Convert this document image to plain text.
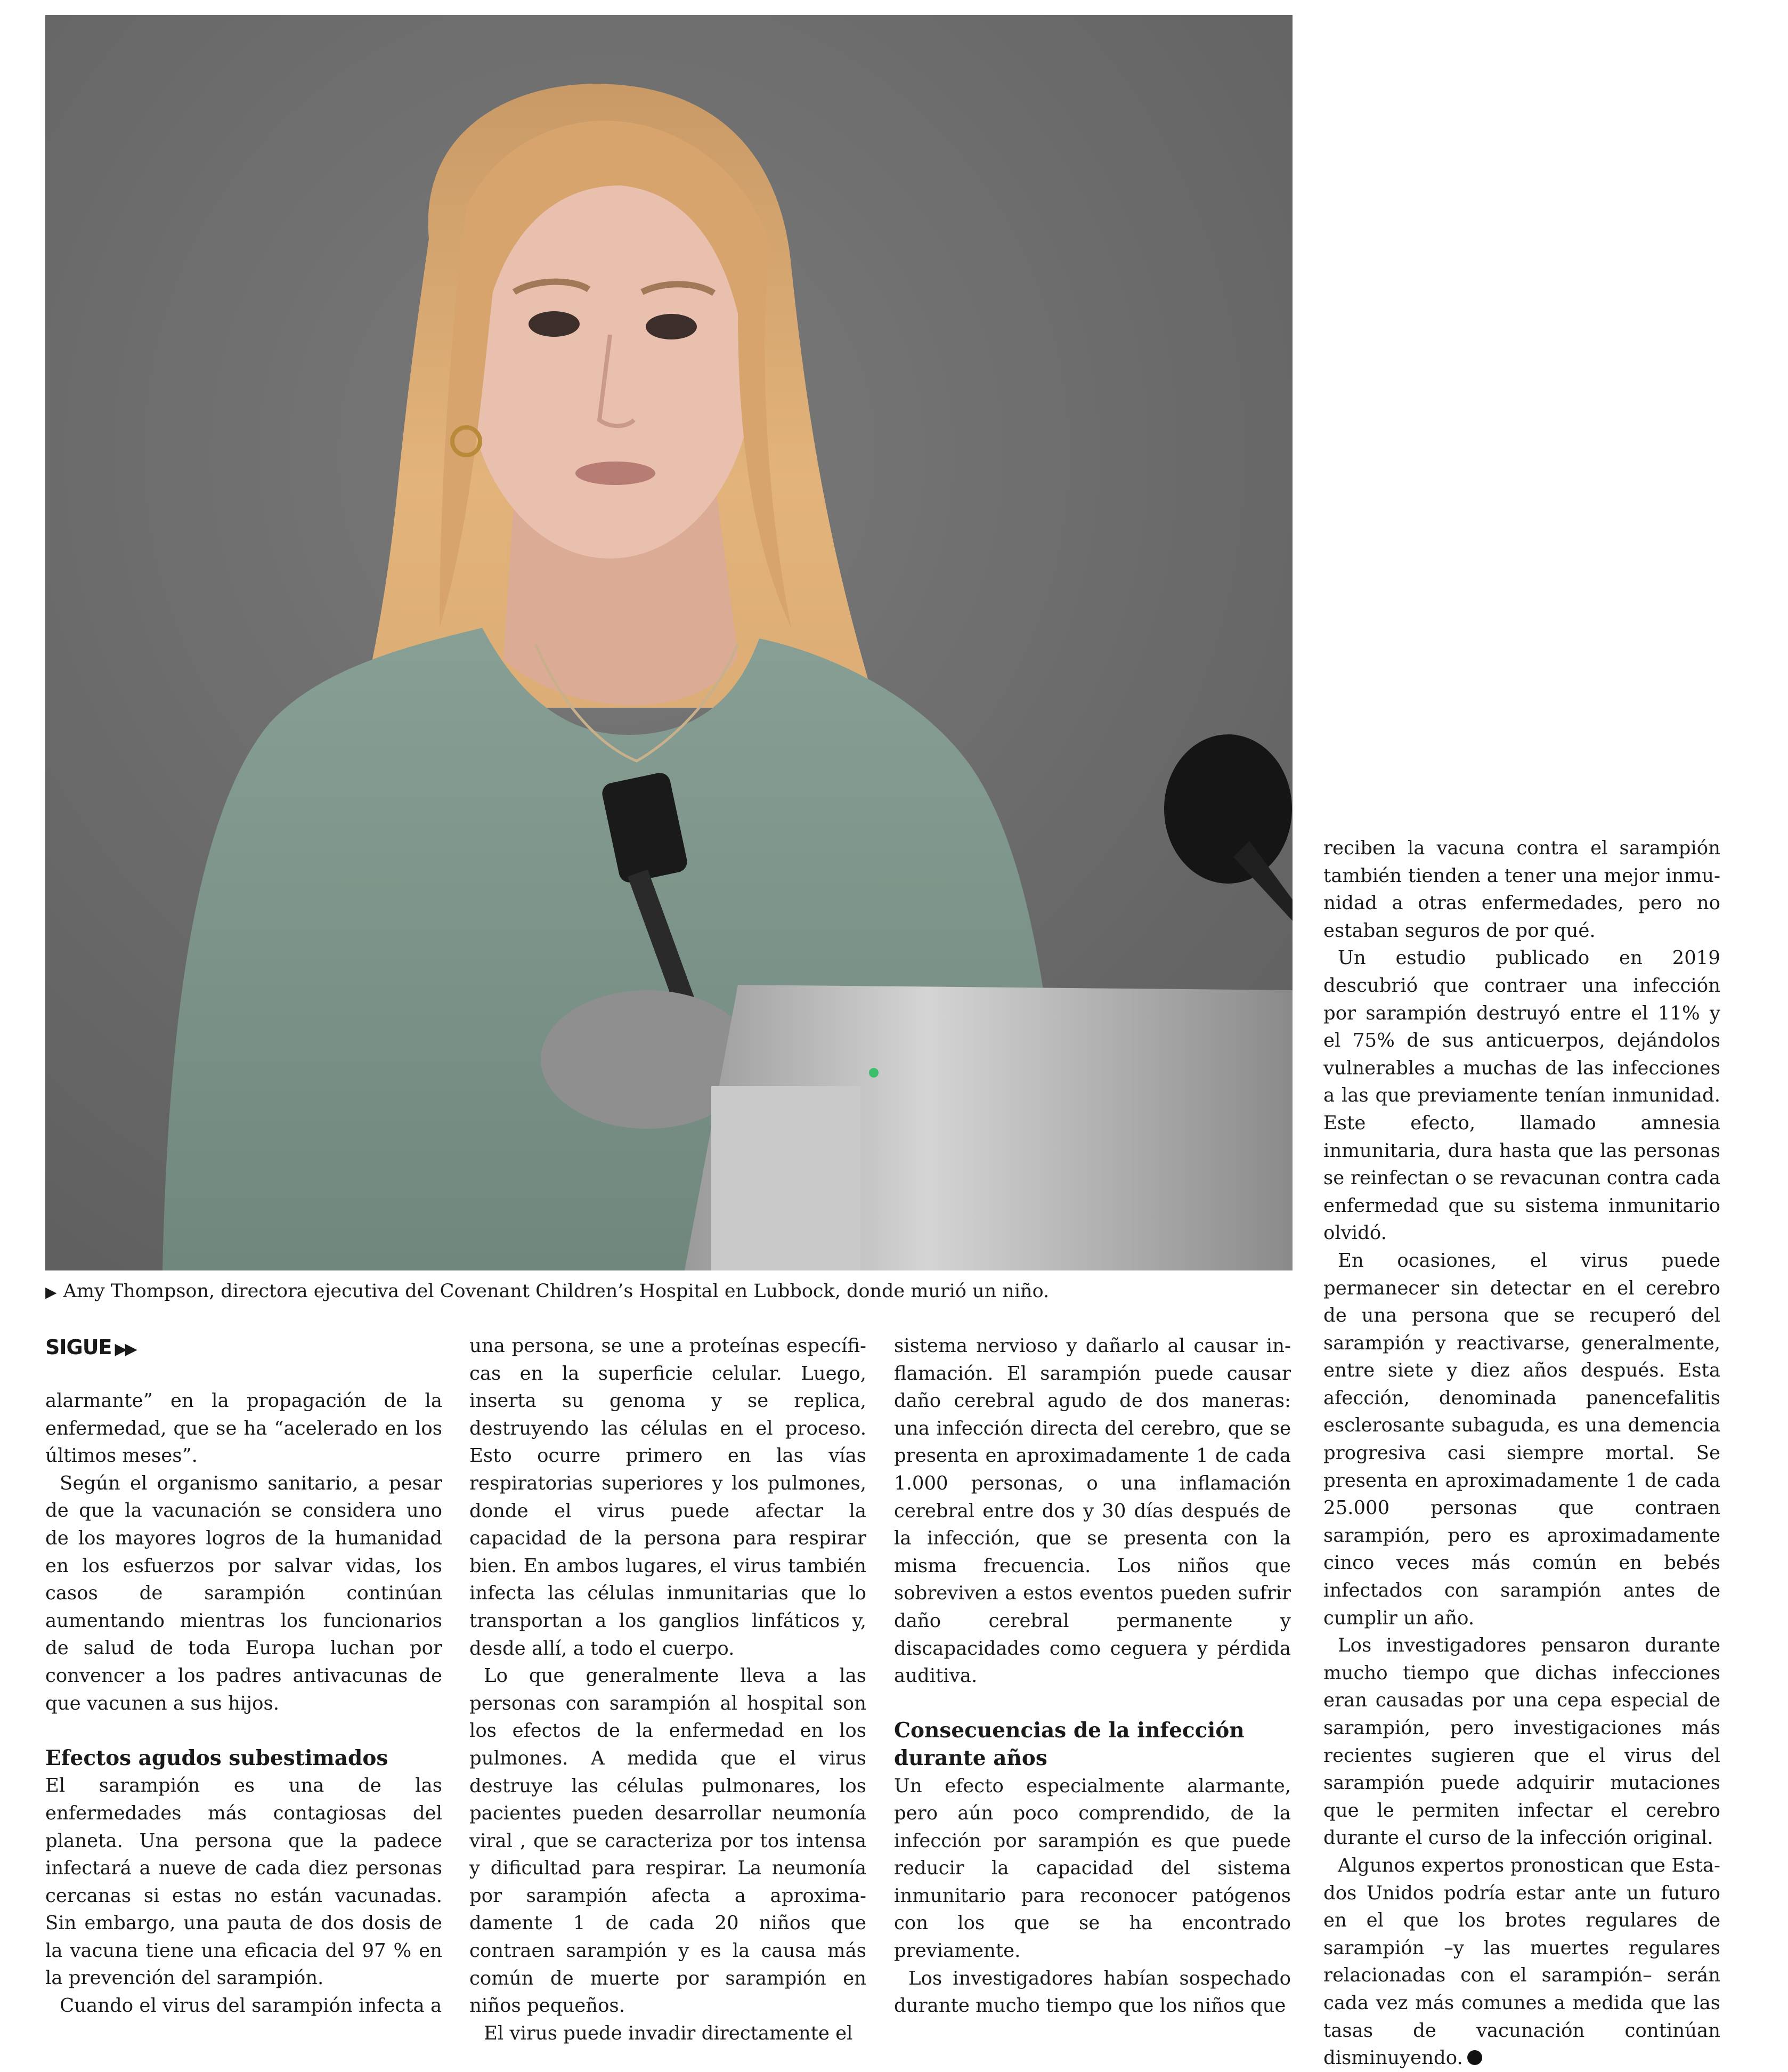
▶ Amy Thompson, directora ejecutiva del Covenant Children’s Hospital en Lubbock, donde murió un niño.
SIGUE ▶▶

alarmante” en la propagación de la enfermedad, que se ha “acelerado en los últimos meses”.

Según el organismo sanitario, a pesar de que la vacunación se considera uno de los mayores logros de la humanidad en los esfuerzos por salvar vidas, los casos de sarampión continúan aumentando mientras los funcionarios de salud de toda Europa luchan por convencer a los padres antivacunas de que vacunen a sus hijos.

Efectos agudos subestimados

El sarampión es una de las enfermedades más contagiosas del planeta. Una persona que la padece infectará a nueve de cada diez personas cercanas si estas no están vacunadas. Sin embargo, una pauta de dos dosis de la vacuna tiene una eficacia del 97 % en la prevención del sarampión.

Cuando el virus del sarampión infecta a

una persona, se une a proteínas específicas en la superficie celular. Luego, inserta su genoma y se replica, destruyendo las células en el proceso. Esto ocurre primero en las vías respiratorias superiores y los pulmones, donde el virus puede afectar la capacidad de la persona para respirar bien. En ambos lugares, el virus también infecta las células inmunitarias que lo transportan a los ganglios linfáticos y, desde allí, a todo el cuerpo.

Lo que generalmente lleva a las personas con sarampión al hospital son los efectos de la enfermedad en los pulmones. A medida que el virus destruye las células pulmonares, los pacientes pueden desarrollar neumonía viral , que se caracteriza por tos intensa y dificultad para respirar. La neumonía por sarampión afecta a aproximadamente 1 de cada 20 niños que contraen sarampión y es la causa más común de muerte por sarampión en niños pequeños.

El virus puede invadir directamente el

sistema nervioso y dañarlo al causar inflamación. El sarampión puede causar daño cerebral agudo de dos maneras: una infección directa del cerebro, que se presenta en aproximadamente 1 de cada 1.000 personas, o una inflamación cerebral entre dos y 30 días después de la infección, que se presenta con la misma frecuencia. Los niños que sobreviven a estos eventos pueden sufrir daño cerebral permanente y discapacidades como ceguera y pérdida auditiva.

Consecuencias de la infección durante años

Un efecto especialmente alarmante, pero aún poco comprendido, de la infección por sarampión es que puede reducir la capacidad del sistema inmunitario para reconocer patógenos con los que se ha encontrado previamente.

Los investigadores habían sospechado durante mucho tiempo que los niños que

reciben la vacuna contra el sarampión también tienden a tener una mejor inmunidad a otras enfermedades, pero no estaban seguros de por qué.

Un estudio publicado en 2019 descubrió que contraer una infección por sarampión destruyó entre el 11% y el 75% de sus anticuerpos, dejándolos vulnerables a muchas de las infecciones a las que previamente tenían inmunidad. Este efecto, llamado amnesia inmunitaria, dura hasta que las personas se reinfectan o se revacunan contra cada enfermedad que su sistema inmunitario olvidó.

En ocasiones, el virus puede permanecer sin detectar en el cerebro de una persona que se recuperó del sarampión y reactivarse, generalmente, entre siete y diez años después. Esta afección, denominada panencefalitis esclerosante subaguda, es una demencia progresiva casi siempre mortal. Se presenta en aproximadamente 1 de cada 25.000 personas que contraen sarampión, pero es aproximadamente cinco veces más común en bebés infectados con sarampión antes de cumplir un año.

Los investigadores pensaron durante mucho tiempo que dichas infecciones eran causadas por una cepa especial de sarampión, pero investigaciones más recientes sugieren que el virus del sarampión puede adquirir mutaciones que le permiten infectar el cerebro durante el curso de la infección original.

Algunos expertos pronostican que Estados Unidos podría estar ante un futuro en el que los brotes regulares de sarampión –y las muertes regulares relacionadas con el sarampión– serán cada vez más comunes a medida que las tasas de vacunación continúan disminuyendo.
